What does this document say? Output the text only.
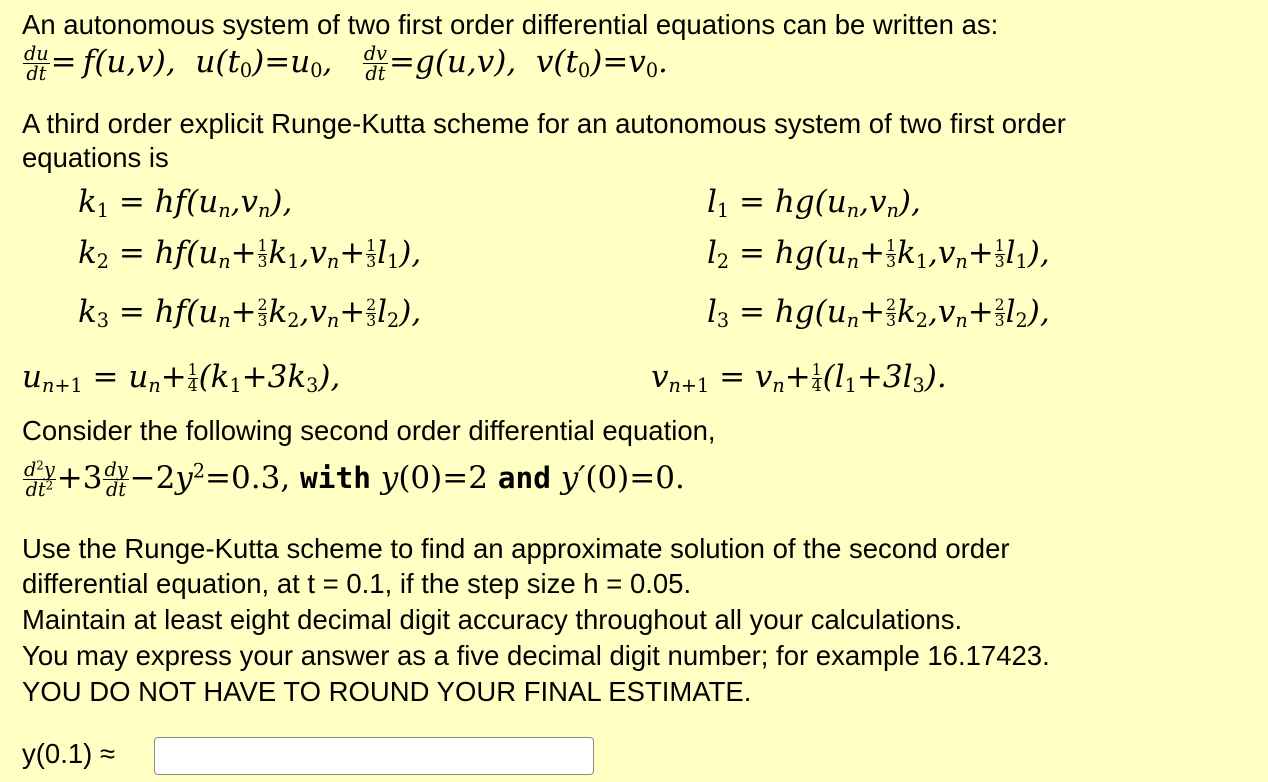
An autonomous system of two first order differential equations can be written as:
$\frac{du}{dt} = f(u,v)$,  $u(t_0)=u_0$, $\frac{dv}{dt} =g(u,v)$,  $v(t_0)=v_0$.
A third order explicit Runge-Kutta scheme for an autonomous system of two first order
equations is
$k_1 = hf(u_n,v_n)$,	$l_1 = hg(u_n,v_n)$,
$k_2 = hf(u_n+ \frac{1}{3} k_1,v_n+ \frac{1}{3} l_1)$,	$l_2 = hg(u_n+ \frac{1}{3} k_1,v_n+ \frac{1}{3} l_1)$,
$k_3 = hf(u_n+ \frac{2}{3} k_2,v_n+ \frac{2}{3} l_2)$,	$l_3 = hg(u_n+ \frac{2}{3} k_2,v_n+ \frac{2}{3} l_2)$,
$u_{n+1} = u_n+ \frac{1}{4} (k_1+3k_3)$,	$v_{n+1} = v_n+ \frac{1}{4} (l_1+3l_3)$.
Consider the following second order differential equation,
$\frac{d^2y}{dt^2} +3 \frac{dy}{dt} -2y^2=0.3$, with y(0)=2 and y′(0)=0.
Use the Runge-Kutta scheme to find an approximate solution of the second order
differential equation, at t = 0.1, if the step size h = 0.05.
Maintain at least eight decimal digit accuracy throughout all your calculations.
You may express your answer as a five decimal digit number; for example 16.17423.
YOU DO NOT HAVE TO ROUND YOUR FINAL ESTIMATE.
y(0.1) ≈
